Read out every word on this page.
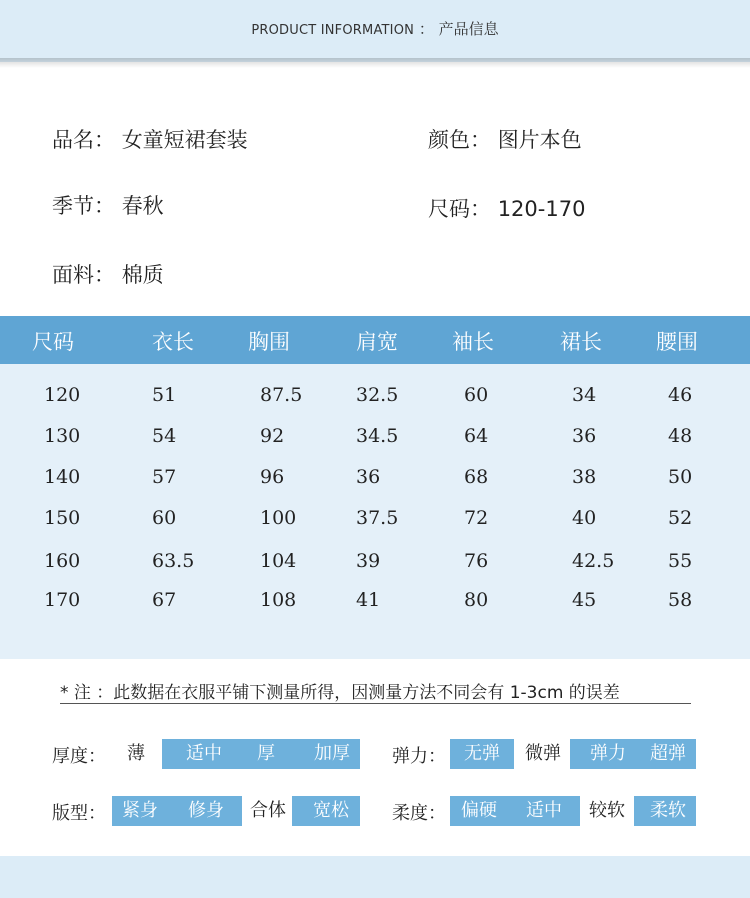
PRODUCT INFORMATION ： 产品信息
品名： 女童短裙套装	颜色： 图片本色
季节： 春秋	尺码： 120-170
面料： 棉质
尺码	衣长	胸围	肩宽	袖长	裙长	腰围
120	51	87.5	32.5	60	34	46
130	54	92	34.5	64	36	48
140	57	96	36	68	38	50
150	60	100	37.5	72	40	52
160	63.5	104	39	76	42.5	55
170	67	108	41	80	45	58
* 注 ：此数据在衣服平铺下测量所得，因测量方法不同会有 1-3cm 的误差
厚度：	薄	适中	厚	加厚	弹力：	无弹	微弹	弹力	超弹
版型： 紧身	修身	合体	宽松	柔度： 偏硬	适中	较软	柔软
